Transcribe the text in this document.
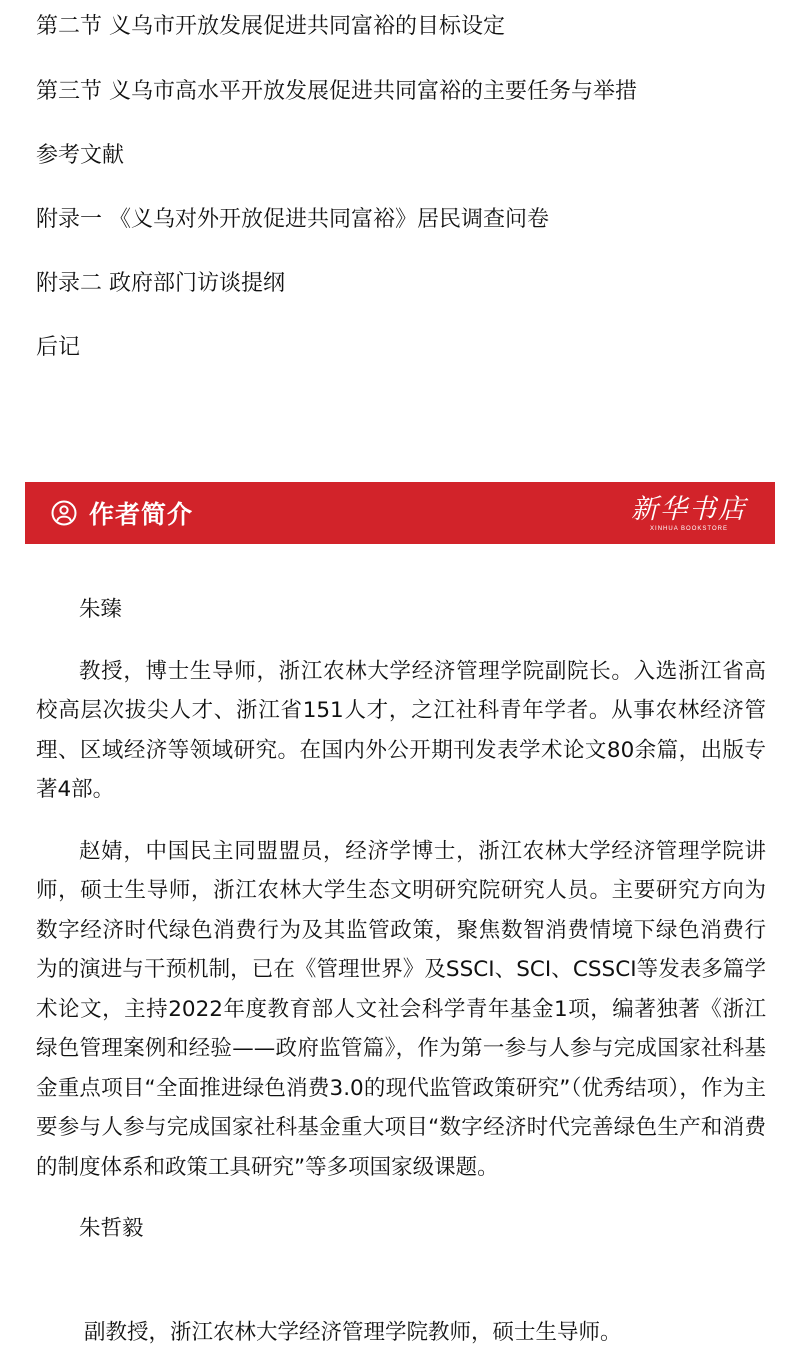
第二节 义乌市开放发展促进共同富裕的目标设定
第三节 义乌市高水平开放发展促进共同富裕的主要任务与举措
参考文献
附录一 《义乌对外开放促进共同富裕》居民调查问卷
附录二 政府部门访谈提纲
后记
作者简介	新华书店
XINHUA BOOKSTORE
朱臻

教授，博士生导师，浙江农林大学经济管理学院副院长。入选浙江省高校高层次拔尖人才、浙江省151人才，之江社科青年学者。从事农林经济管理、区域经济等领域研究。在国内外公开期刊发表学术论文80余篇，出版专著4部。

赵婧，中国民主同盟盟员，经济学博士，浙江农林大学经济管理学院讲师，硕士生导师，浙江农林大学生态文明研究院研究人员。主要研究方向为数字经济时代绿色消费行为及其监管政策，聚焦数智消费情境下绿色消费行为的演进与干预机制，已在《管理世界》及SSCI、SCI、CSSCI等发表多篇学术论文，主持2022年度教育部人文社会科学青年基金1项，编著独著《浙江绿色管理案例和经验——政府监管篇》，作为第一参与人参与完成国家社科基金重点项目“全面推进绿色消费3.0的现代监管政策研究”（优秀结项），作为主要参与人参与完成国家社科基金重大项目“数字经济时代完善绿色生产和消费的制度体系和政策工具研究”等多项国家级课题。

朱哲毅
副教授，浙江农林大学经济管理学院教师，硕士生导师。
